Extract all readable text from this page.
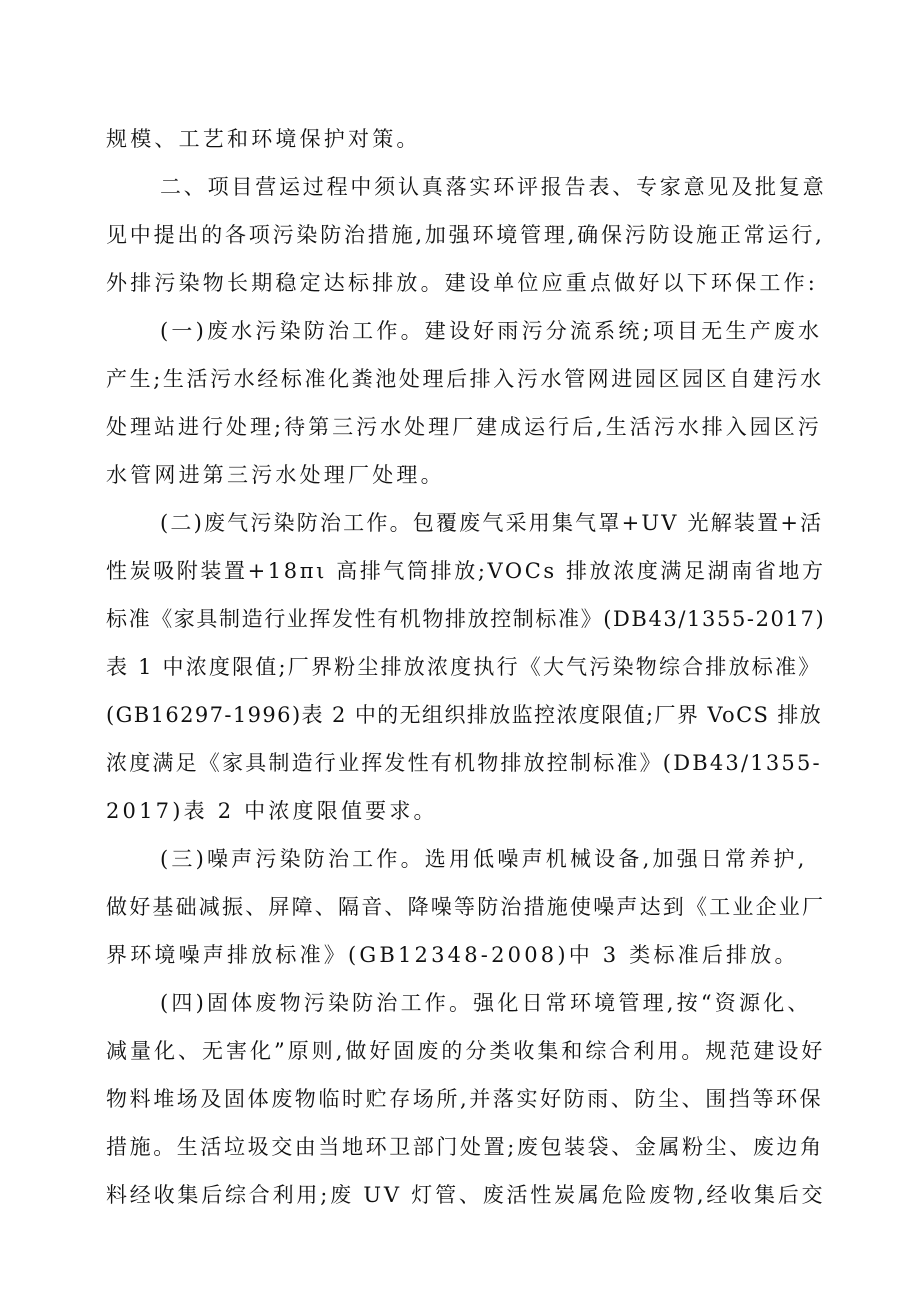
规模、工艺和环境保护对策。
二、项目营运过程中须认真落实环评报告表、专家意见及批复意
见中提出的各项污染防治措施,加强环境管理,确保污防设施正常运行,
外排污染物长期稳定达标排放。建设单位应重点做好以下环保工作:
(一)废水污染防治工作。建设好雨污分流系统;项目无生产废水
产生;生活污水经标准化粪池处理后排入污水管网进园区园区自建污水
处理站进行处理;待第三污水处理厂建成运行后,生活污水排入园区污
水管网进第三污水处理厂处理。
(二)废气污染防治工作。包覆废气采用集气罩+UV 光解装置+活
性炭吸附装置+18πι 高排气筒排放;VOCs 排放浓度满足湖南省地方
标准《家具制造行业挥发性有机物排放控制标准》(DB43/1355-2017)
表 1 中浓度限值;厂界粉尘排放浓度执行《大气污染物综合排放标准》
(GB16297-1996)表 2 中的无组织排放监控浓度限值;厂界 VoCS 排放
浓度满足《家具制造行业挥发性有机物排放控制标准》(DB43/1355-
2017)表 2 中浓度限值要求。
(三)噪声污染防治工作。选用低噪声机械设备,加强日常养护,
做好基础减振、屏障、隔音、降噪等防治措施使噪声达到《工业企业厂
界环境噪声排放标准》(GB12348-2008)中 3 类标准后排放。
(四)固体废物污染防治工作。强化日常环境管理,按“资源化、
减量化、无害化”原则,做好固废的分类收集和综合利用。规范建设好
物料堆场及固体废物临时贮存场所,并落实好防雨、防尘、围挡等环保
措施。生活垃圾交由当地环卫部门处置;废包装袋、金属粉尘、废边角
料经收集后综合利用;废 UV 灯管、废活性炭属危险废物,经收集后交
